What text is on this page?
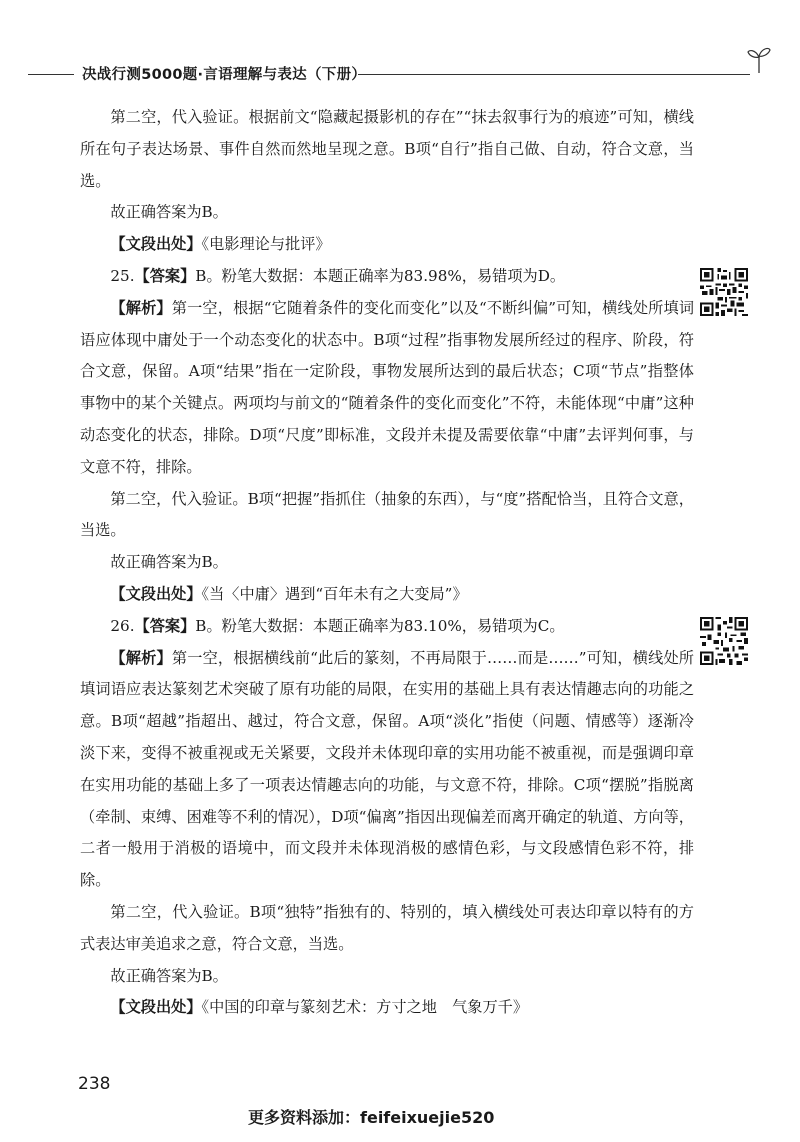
决战行测5000题·言语理解与表达（下册）

第二空，代入验证。根据前文“隐藏起摄影机的存在”“抹去叙事行为的痕迹”可知，横线所在句子表达场景、事件自然而然地呈现之意。B项“自行”指自己做、自动，符合文意，当选。

故正确答案为B。

【文段出处】《电影理论与批评》

25.【答案】B。粉笔大数据：本题正确率为83.98%，易错项为D。

【解析】第一空，根据“它随着条件的变化而变化”以及“不断纠偏”可知，横线处所填词语应体现中庸处于一个动态变化的状态中。B项“过程”指事物发展所经过的程序、阶段，符合文意，保留。A项“结果”指在一定阶段，事物发展所达到的最后状态；C项“节点”指整体事物中的某个关键点。两项均与前文的“随着条件的变化而变化”不符，未能体现“中庸”这种动态变化的状态，排除。D项“尺度”即标准，文段并未提及需要依靠“中庸”去评判何事，与文意不符，排除。

第二空，代入验证。B项“把握”指抓住（抽象的东西），与“度”搭配恰当，且符合文意，当选。

故正确答案为B。

【文段出处】《当〈中庸〉遇到“百年未有之大变局”》

26.【答案】B。粉笔大数据：本题正确率为83.10%，易错项为C。

【解析】第一空，根据横线前“此后的篆刻，不再局限于……而是……”可知，横线处所填词语应表达篆刻艺术突破了原有功能的局限，在实用的基础上具有表达情趣志向的功能之意。B项“超越”指超出、越过，符合文意，保留。A项“淡化”指使（问题、情感等）逐渐冷淡下来，变得不被重视或无关紧要，文段并未体现印章的实用功能不被重视，而是强调印章在实用功能的基础上多了一项表达情趣志向的功能，与文意不符，排除。C项“摆脱”指脱离（牵制、束缚、困难等不利的情况），D项“偏离”指因出现偏差而离开确定的轨道、方向等，二者一般用于消极的语境中，而文段并未体现消极的感情色彩，与文段感情色彩不符，排除。

第二空，代入验证。B项“独特”指独有的、特别的，填入横线处可表达印章以特有的方式表达审美追求之意，符合文意，当选。

故正确答案为B。

【文段出处】《中国的印章与篆刻艺术：方寸之地　气象万千》

238
更多资料添加：feifeixuejie520
